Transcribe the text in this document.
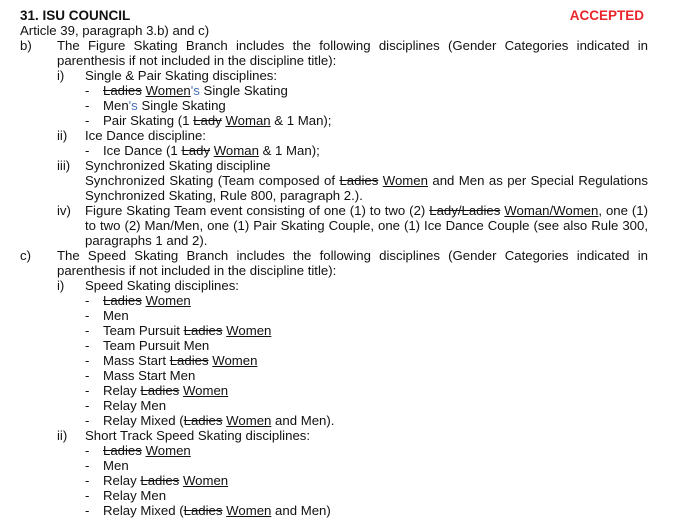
31. ISU COUNCIL	ACCEPTED
Article 39, paragraph 3.b) and c)
b)	The Figure Skating Branch includes the following disciplines (Gender Categories indicated in parenthesis if not included in the discipline title):
i)	Single & Pair Skating disciplines:
-	Ladies Women's Single Skating
-	Men's Single Skating
-	Pair Skating (1 Lady Woman & 1 Man);
ii)	Ice Dance discipline:
-	Ice Dance (1 Lady Woman & 1 Man);
iii)	Synchronized Skating discipline
Synchronized Skating (Team composed of Ladies Women and Men as per Special Regulations Synchronized Skating, Rule 800, paragraph 2.).
iv)	Figure Skating Team event consisting of one (1) to two (2) Lady/Ladies Woman/Women, one (1) to two (2) Man/Men, one (1) Pair Skating Couple, one (1) Ice Dance Couple (see also Rule 300, paragraphs 1 and 2).
c)	The Speed Skating Branch includes the following disciplines (Gender Categories indicated in parenthesis if not included in the discipline title):
i)	Speed Skating disciplines:
-	Ladies Women
-	Men
-	Team Pursuit Ladies Women
-	Team Pursuit Men
-	Mass Start Ladies Women
-	Mass Start Men
-	Relay Ladies Women
-	Relay Men
-	Relay Mixed (Ladies Women and Men).
ii)	Short Track Speed Skating disciplines:
-	Ladies Women
-	Men
-	Relay Ladies Women
-	Relay Men
-	Relay Mixed (Ladies Women and Men)
